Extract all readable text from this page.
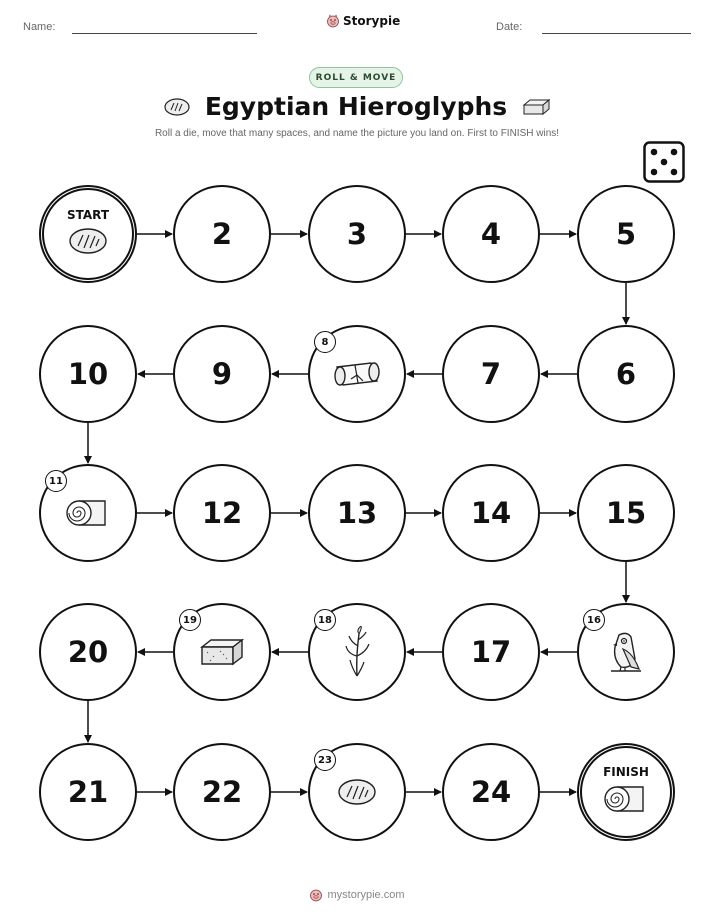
Name:	Storypie	Date:
ROLL & MOVE
Egyptian Hieroglyphs
Roll a die, move that many spaces, and name the picture you land on. First to FINISH wins!
START
2	3	4	5
6
7
8
9
10
11
12	13	14	15
16
17
18
19
20
21	22
23
24
FINISH
mystorypie.com
